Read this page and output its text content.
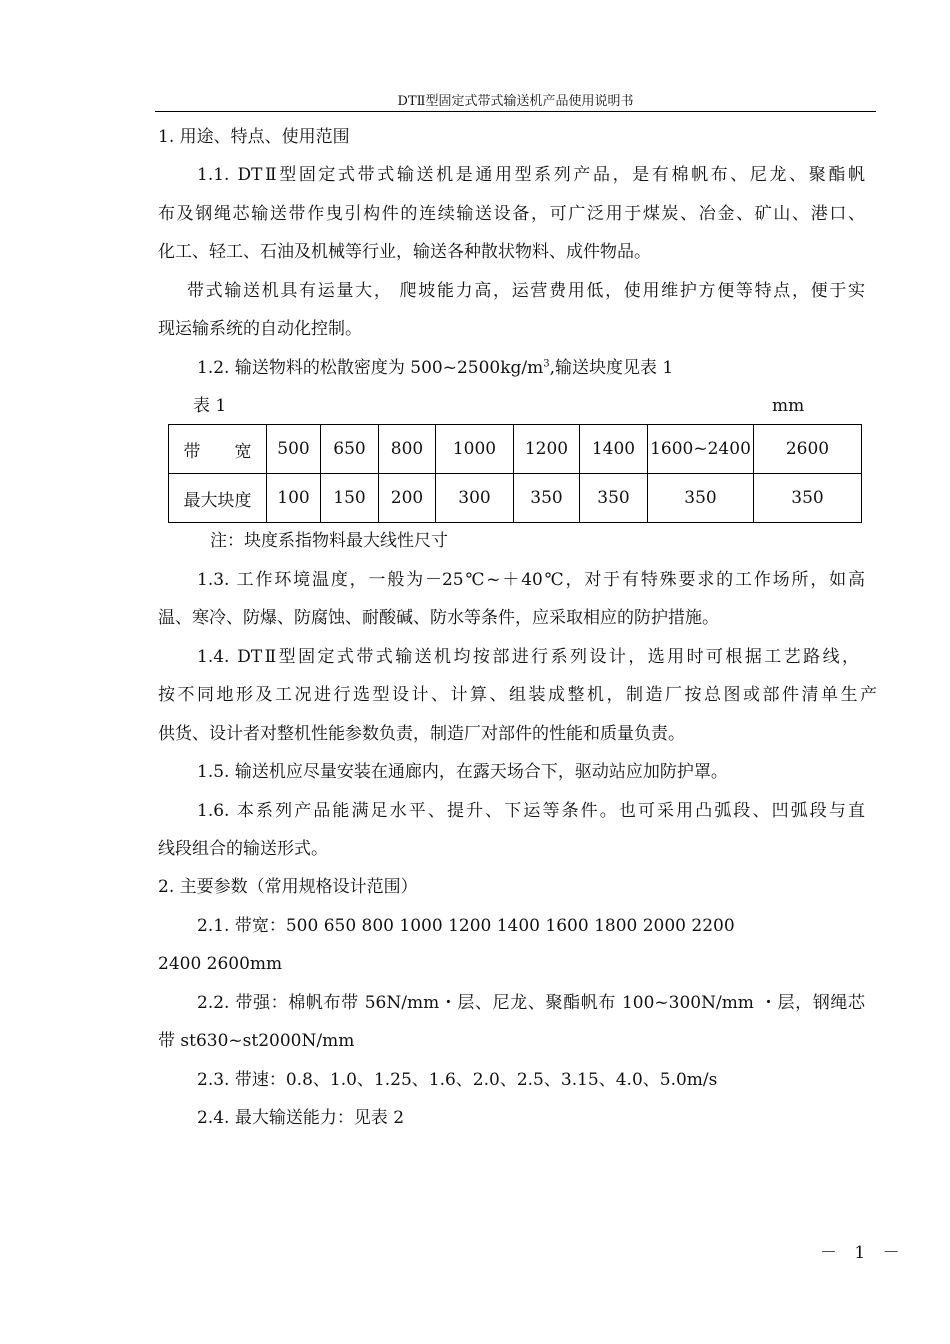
DTⅡ型固定式带式输送机产品使用说明书
1. 用途、特点、使用范围
1.1. DTⅡ型固定式带式输送机是通用型系列产品，是有棉帆布、尼龙、聚酯帆
布及钢绳芯输送带作曳引构件的连续输送设备，可广泛用于煤炭、冶金、矿山、港口、
化工、轻工、石油及机械等行业，输送各种散状物料、成件物品。
带式输送机具有运量大， 爬坡能力高，运营费用低，使用维护方便等特点，便于实
现运输系统的自动化控制。
1.2. 输送物料的松散密度为 $500\sim 2500kg/m^3$,输送块度见表 1
表 1	mm
带　　宽	500	650	800	1000	1200	1400	1600~2400	2600
最大块度	100	150	200	300	350	350	350	350
注：块度系指物料最大线性尺寸
1.3. 工作环境温度，一般为－25℃~＋40℃，对于有特殊要求的工作场所，如高
温、寒冷、防爆、防腐蚀、耐酸碱、防水等条件，应采取相应的防护措施。
1.4. DTⅡ型固定式带式输送机均按部进行系列设计，选用时可根据工艺路线，
按不同地形及工况进行选型设计、计算、组装成整机，制造厂按总图或部件清单生产
供货、设计者对整机性能参数负责，制造厂对部件的性能和质量负责。
1.5. 输送机应尽量安装在通廊内，在露天场合下，驱动站应加防护罩。
1.6. 本系列产品能满足水平、提升、下运等条件。也可采用凸弧段、凹弧段与直
线段组合的输送形式。
2. 主要参数（常用规格设计范围）
2.1. 带宽：500 650 800 1000 1200 1400 1600 1800 2000 2200
2400 2600mm
2.2. 带强：棉帆布带 56N/mm・层、尼龙、聚酯帆布 100~300N/mm ・层，钢绳芯
带 st630~st2000N/mm
2.3. 带速：0.8、1.0、1.25、1.6、2.0、2.5、3.15、4.0、5.0m/s
2.4. 最大输送能力：见表 2
－ 1 －
